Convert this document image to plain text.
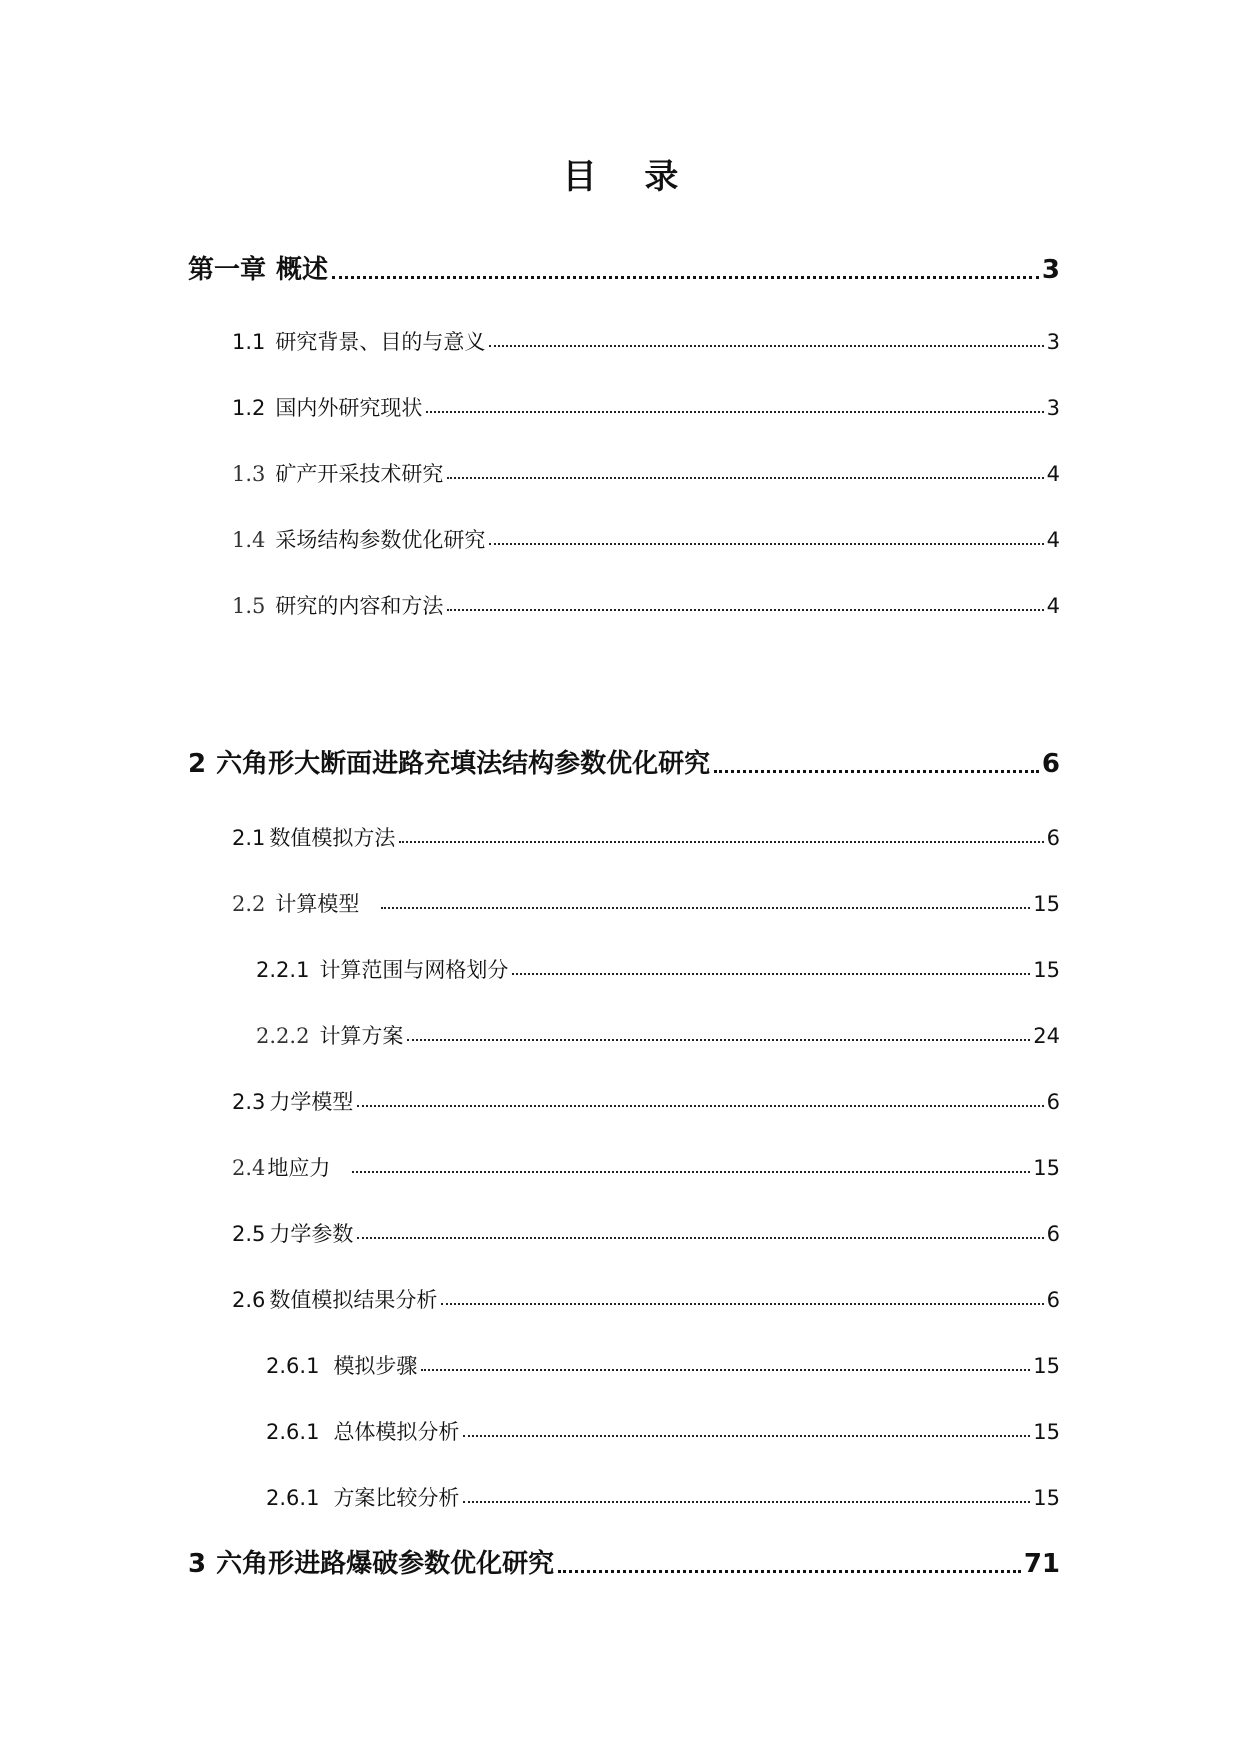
目 录
第一章 概述	3
1.1 研究背景、目的与意义	3
1.2 国内外研究现状	3
1.3 矿产开采技术研究	4
1.4 采场结构参数优化研究	4
1.5 研究的内容和方法	4
2 六角形大断面进路充填法结构参数优化研究	6
2.1 数值模拟方法	6
2.2 计算模型	15
2.2.1 计算范围与网格划分	15
2.2.2 计算方案	24
2.3 力学模型	6
2.4地应力	15
2.5 力学参数	6
2.6 数值模拟结果分析	6
2.6.1 模拟步骤	15
2.6.1 总体模拟分析	15
2.6.1 方案比较分析	15
3 六角形进路爆破参数优化研究	71
